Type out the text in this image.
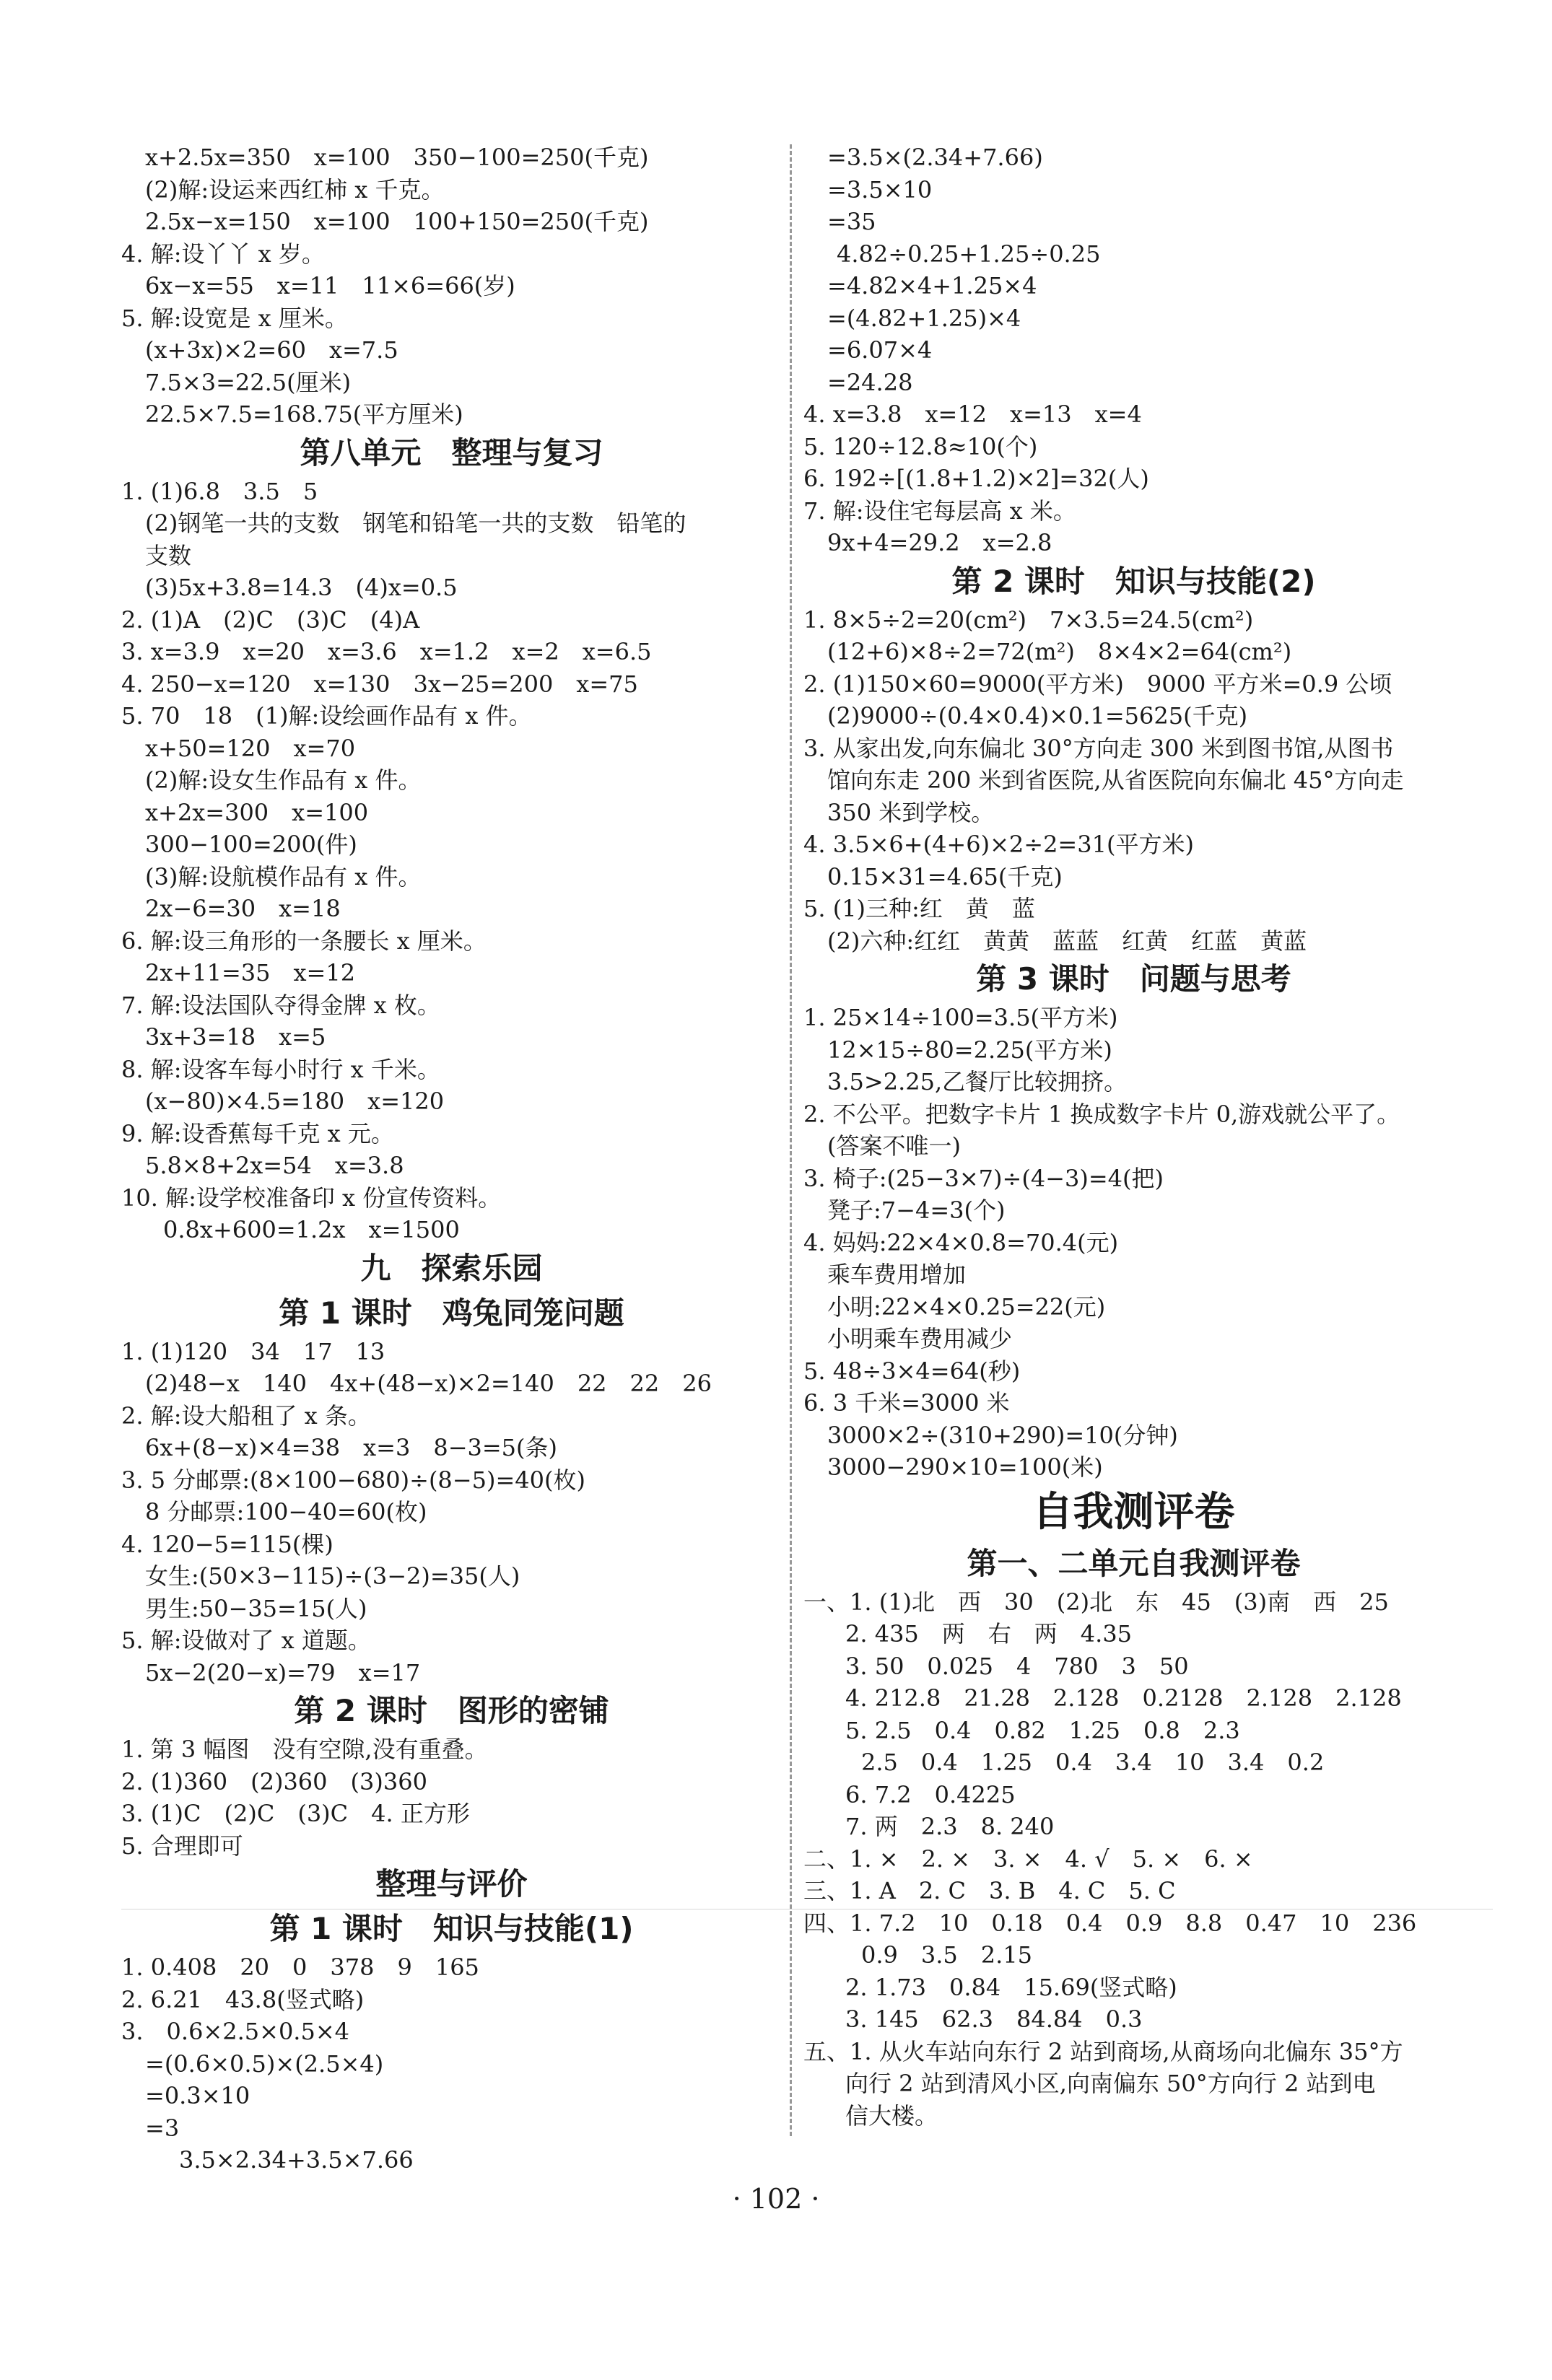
x+2.5x=350　x=100　350−100=250(千克)
(2)解:设运来西红柿 x 千克。
2.5x−x=150　x=100　100+150=250(千克)
4. 解:设丫丫 x 岁。
6x−x=55　x=11　11×6=66(岁)
5. 解:设宽是 x 厘米。
(x+3x)×2=60　x=7.5
7.5×3=22.5(厘米)
22.5×7.5=168.75(平方厘米)
第八单元　整理与复习
1. (1)6.8　3.5　5
(2)钢笔一共的支数　钢笔和铅笔一共的支数　铅笔的
支数
(3)5x+3.8=14.3　(4)x=0.5
2. (1)A　(2)C　(3)C　(4)A
3. x=3.9　x=20　x=3.6　x=1.2　x=2　x=6.5
4. 250−x=120　x=130　3x−25=200　x=75
5. 70　18　(1)解:设绘画作品有 x 件。
x+50=120　x=70
(2)解:设女生作品有 x 件。
x+2x=300　x=100
300−100=200(件)
(3)解:设航模作品有 x 件。
2x−6=30　x=18
6. 解:设三角形的一条腰长 x 厘米。
2x+11=35　x=12
7. 解:设法国队夺得金牌 x 枚。
3x+3=18　x=5
8. 解:设客车每小时行 x 千米。
(x−80)×4.5=180　x=120
9. 解:设香蕉每千克 x 元。
5.8×8+2x=54　x=3.8
10. 解:设学校准备印 x 份宣传资料。
0.8x+600=1.2x　x=1500
九　探索乐园
第 1 课时　鸡兔同笼问题
1. (1)120　34　17　13
(2)48−x　140　4x+(48−x)×2=140　22　22　26
2. 解:设大船租了 x 条。
6x+(8−x)×4=38　x=3　8−3=5(条)
3. 5 分邮票:(8×100−680)÷(8−5)=40(枚)
8 分邮票:100−40=60(枚)
4. 120−5=115(棵)
女生:(50×3−115)÷(3−2)=35(人)
男生:50−35=15(人)
5. 解:设做对了 x 道题。
5x−2(20−x)=79　x=17
第 2 课时　图形的密铺
1. 第 3 幅图　没有空隙,没有重叠。
2. (1)360　(2)360　(3)360
3. (1)C　(2)C　(3)C　4. 正方形
5. 合理即可
整理与评价
第 1 课时　知识与技能(1)
1. 0.408　20　0　378　9　165
2. 6.21　43.8(竖式略)
3.　0.6×2.5×0.5×4
=(0.6×0.5)×(2.5×4)
=0.3×10
=3
3.5×2.34+3.5×7.66
=3.5×(2.34+7.66)
=3.5×10
=35
4.82÷0.25+1.25÷0.25
=4.82×4+1.25×4
=(4.82+1.25)×4
=6.07×4
=24.28
4. x=3.8　x=12　x=13　x=4
5. 120÷12.8≈10(个)
6. 192÷[(1.8+1.2)×2]=32(人)
7. 解:设住宅每层高 x 米。
9x+4=29.2　x=2.8
第 2 课时　知识与技能(2)
1. 8×5÷2=20(cm²)　7×3.5=24.5(cm²)
(12+6)×8÷2=72(m²)　8×4×2=64(cm²)
2. (1)150×60=9000(平方米)　9000 平方米=0.9 公顷
(2)9000÷(0.4×0.4)×0.1=5625(千克)
3. 从家出发,向东偏北 30°方向走 300 米到图书馆,从图书
馆向东走 200 米到省医院,从省医院向东偏北 45°方向走
350 米到学校。
4. 3.5×6+(4+6)×2÷2=31(平方米)
0.15×31=4.65(千克)
5. (1)三种:红　黄　蓝
(2)六种:红红　黄黄　蓝蓝　红黄　红蓝　黄蓝
第 3 课时　问题与思考
1. 25×14÷100=3.5(平方米)
12×15÷80=2.25(平方米)
3.5>2.25,乙餐厅比较拥挤。
2. 不公平。把数字卡片 1 换成数字卡片 0,游戏就公平了。
(答案不唯一)
3. 椅子:(25−3×7)÷(4−3)=4(把)
凳子:7−4=3(个)
4. 妈妈:22×4×0.8=70.4(元)
乘车费用增加
小明:22×4×0.25=22(元)
小明乘车费用减少
5. 48÷3×4=64(秒)
6. 3 千米=3000 米
3000×2÷(310+290)=10(分钟)
3000−290×10=100(米)
自我测评卷
第一、二单元自我测评卷
一、1. (1)北　西　30　(2)北　东　45　(3)南　西　25
2. 435　两　右　两　4.35
3. 50　0.025　4　780　3　50
4. 212.8　21.28　2.128　0.2128　2.128　2.128
5. 2.5　0.4　0.82　1.25　0.8　2.3
2.5　0.4　1.25　0.4　3.4　10　3.4　0.2
6. 7.2　0.4225
7. 两　2.3　8. 240
二、1. ×　2. ×　3. ×　4. √　5. ×　6. ×
三、1. A　2. C　3. B　4. C　5. C
四、1. 7.2　10　0.18　0.4　0.9　8.8　0.47　10　236
0.9　3.5　2.15
2. 1.73　0.84　15.69(竖式略)
3. 145　62.3　84.84　0.3
五、1. 从火车站向东行 2 站到商场,从商场向北偏东 35°方
向行 2 站到清风小区,向南偏东 50°方向行 2 站到电
信大楼。
· 102 ·
